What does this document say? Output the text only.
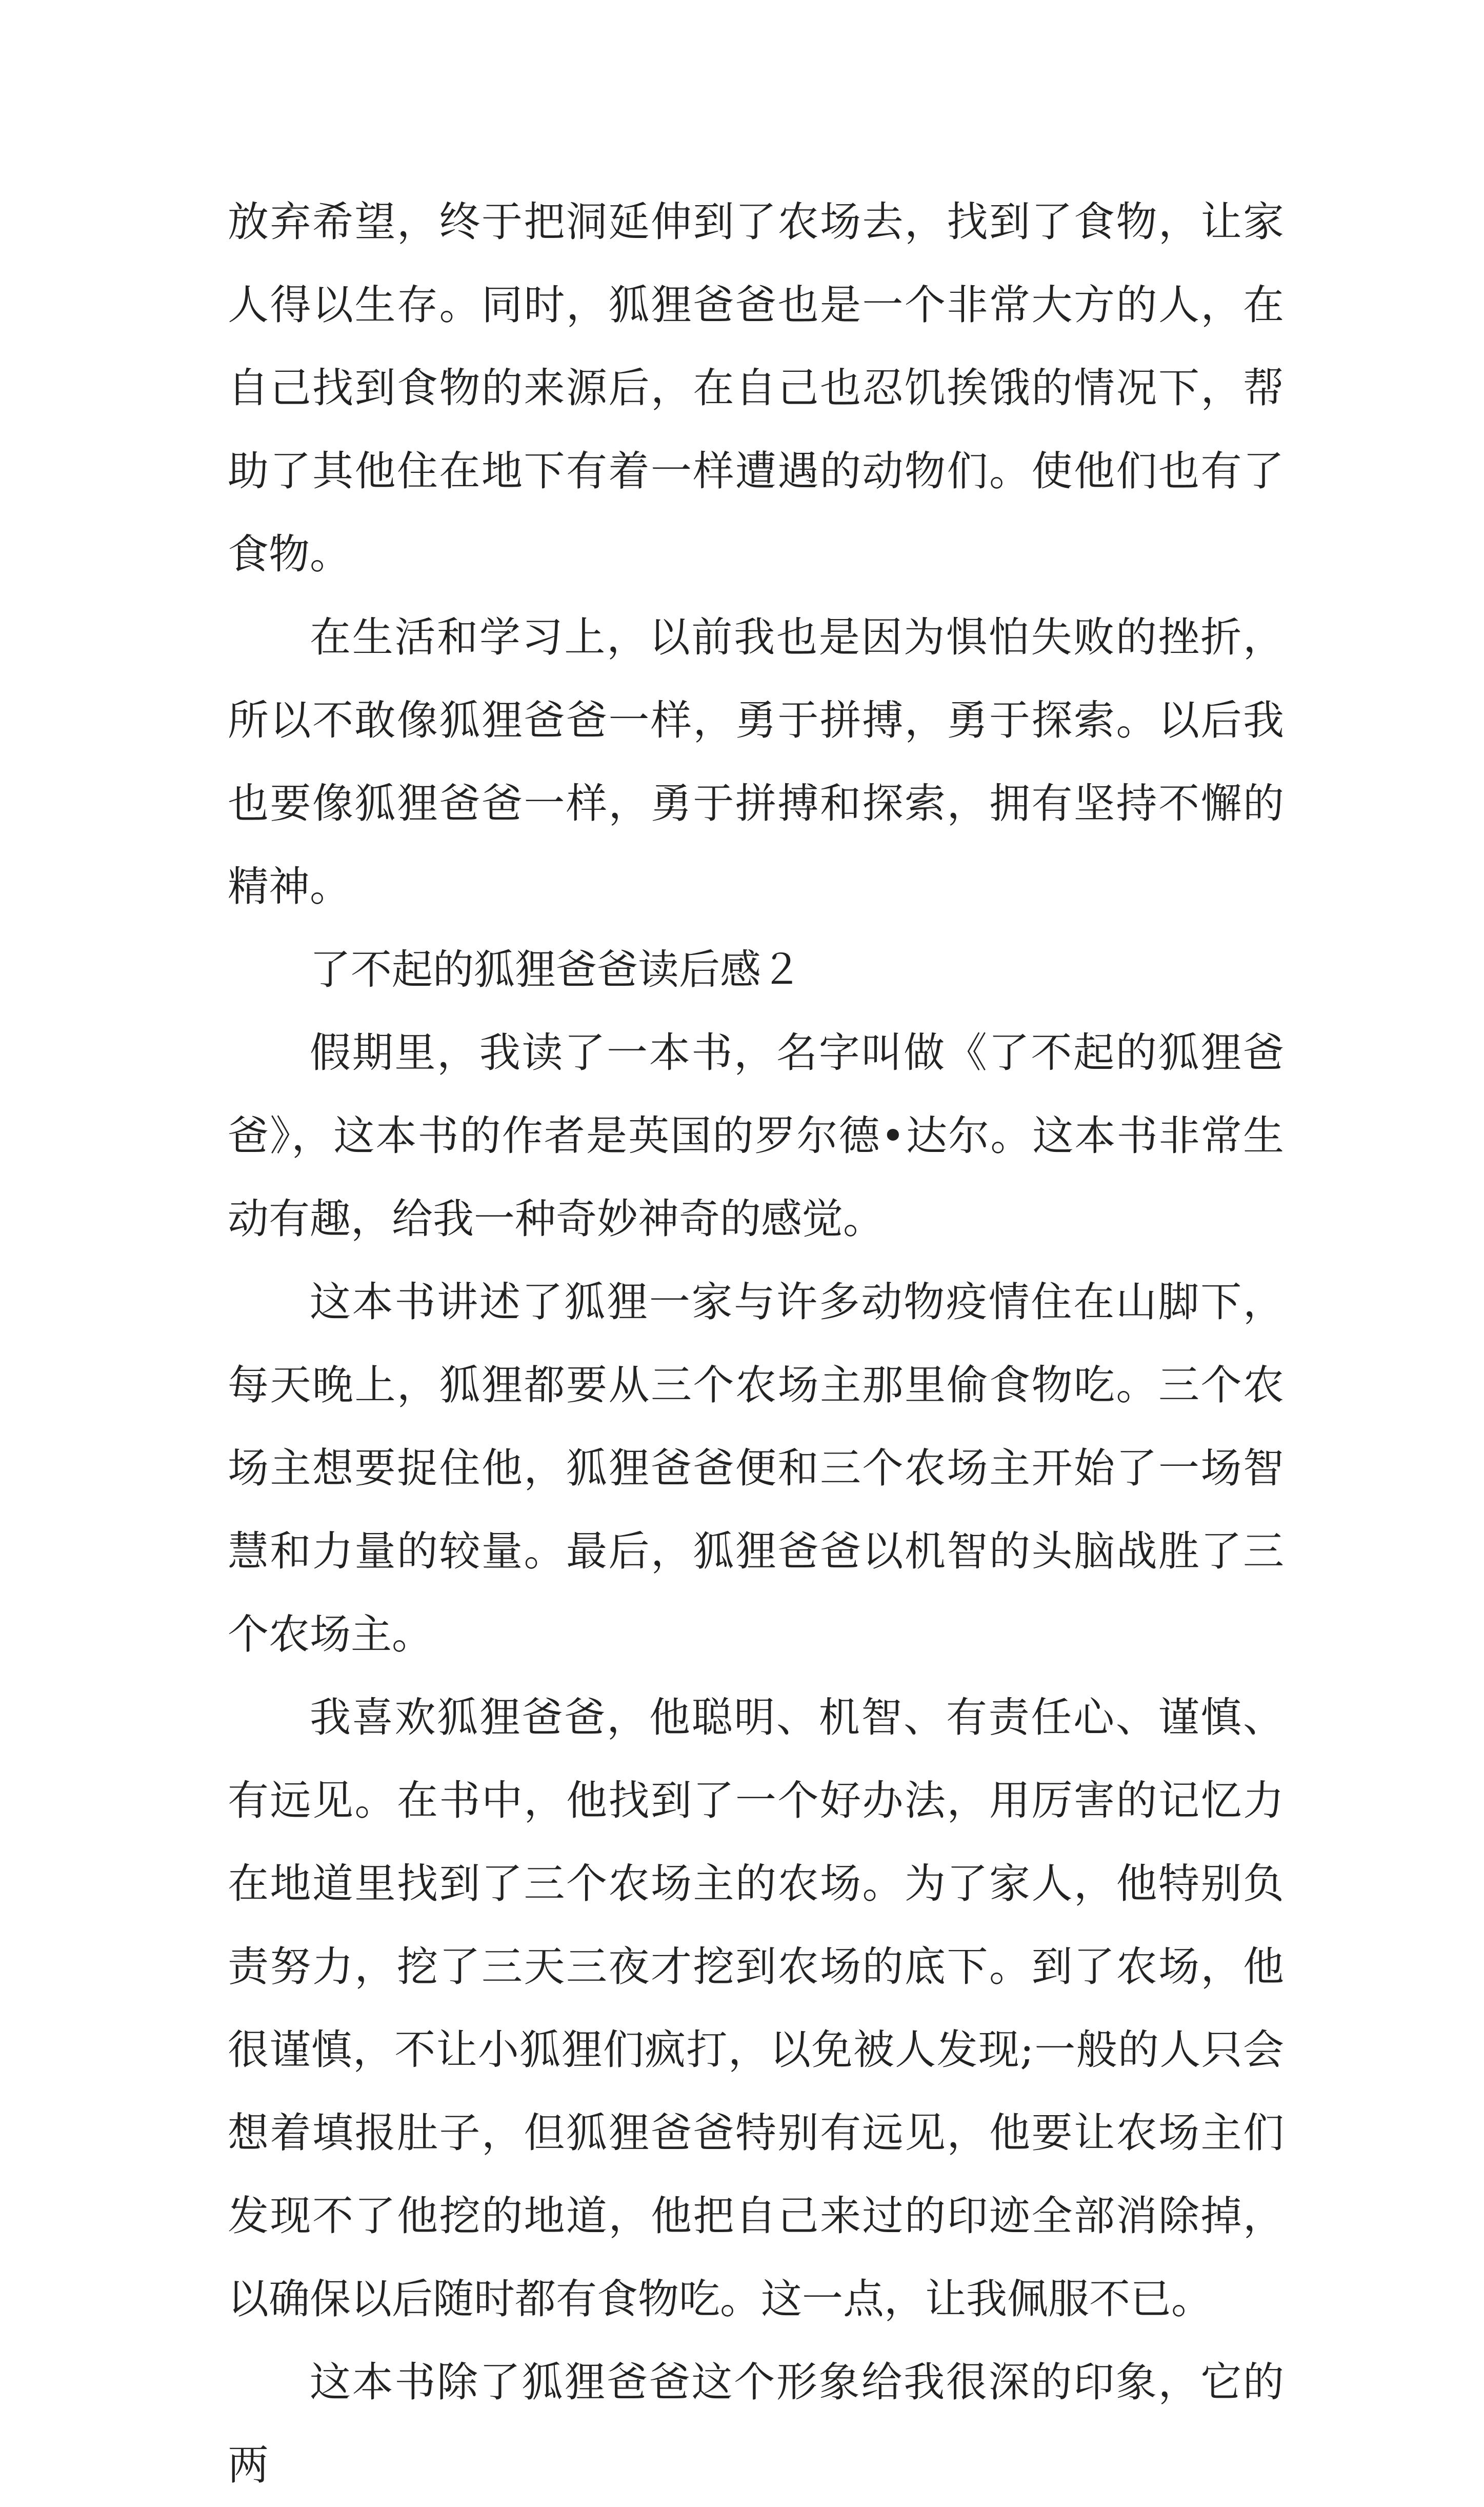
放弃希望，终于把洞延伸到了农场去，找到了食物，让家人得以生存。同时，狐狸爸爸也是一个非常大方的人，在自己找到食物的来源后，在自己也忍饥挨饿的情况下，帮助了其他住在地下有着一样遭遇的动物们。使他们也有了食物。

在生活和学习上，以前我也是因为惧怕失败的挫折，所以不敢像狐狸爸爸一样，勇于拼搏，勇于探索。以后我也要像狐狸爸爸一样，勇于拼搏和探索，拥有坚持不懈的精神。

了不起的狐狸爸爸读后感２

假期里，我读了一本书，名字叫做《了不起的狐狸爸爸》，这本书的作者是英国的罗尔德•达尔。这本书非常生动有趣，给我一种奇妙神奇的感觉。

这本书讲述了狐狸一家与许多动物疫情住在山脚下，每天晚上，狐狸都要从三个农场主那里偷食物吃。三个农场主想要捉住他，狐狸爸爸便和三个农场主开始了一场智慧和力量的较量。最后，狐狸爸爸以机智的头脑战胜了三个农场主。

我喜欢狐狸爸爸，他聪明、机智、有责任心、谨慎、有远见。在书中，他找到了一个好办法，用厉害的记忆力在地道里找到了三个农场主的农场。为了家人，他特别负责努力，挖了三天三夜才挖到农场的底下。到了农场，他很谨慎，不让小狐狸们疯打，以免被人发现;一般的人只会想着填报肚子，但狐狸爸爸特别有远见，他要让农场主们发现不了他挖的地道，他把自己来过的印迹全部消除掉，以确保以后随时都有食物吃。这一点，让我佩服不已。

这本书除了狐狸爸爸这个形象给我很深的印象，它的两
